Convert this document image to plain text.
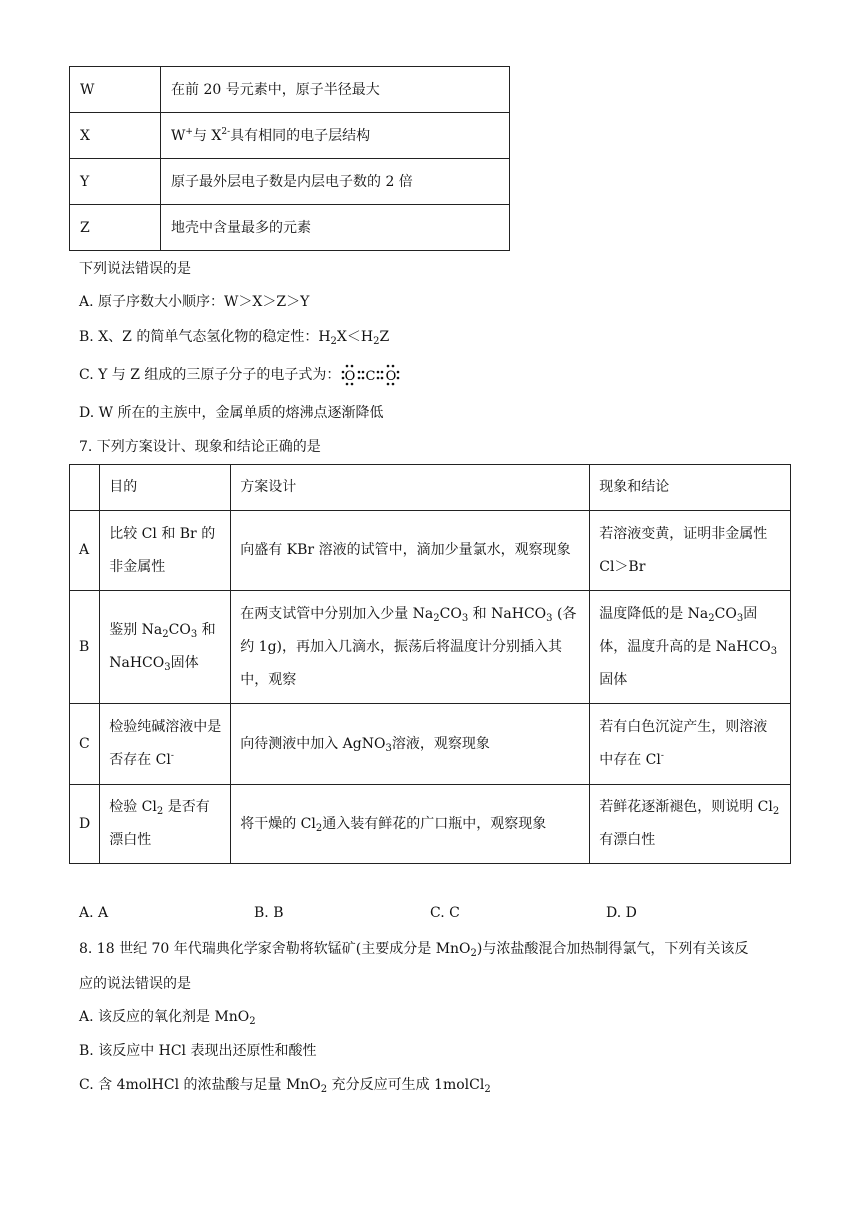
W	在前 20 号元素中，原子半径最大
X	W+与 $X^{2-}$具有相同的电子层结构
Y	原子最外层电子数是内层电子数的 2 倍
Z	地壳中含量最多的元素
下列说法错误的是
A. 原子序数大小顺序：W＞X＞Z＞Y
B. X、Z 的简单气态氢化物的稳定性：$H_2X<H_2Z$
C. Y 与 Z 组成的三原子分子的电子式为： O C O
D. W 所在的主族中，金属单质的熔沸点逐渐降低
7. 下列方案设计、现象和结论正确的是
	目的	方案设计	现象和结论
A	比较 Cl 和 Br 的非金属性	向盛有 KBr 溶液的试管中，滴加少量氯水，观察现象	若溶液变黄，证明非金属性 Cl＞Br
B	鉴别 $Na_2CO_3$ 和 NaHCO$_3$固体	在两支试管中分别加入少量 $Na_2CO_3$ 和 NaHCO$_3$ (各约 1g)，再加入几滴水，振荡后将温度计分别插入其中，观察	温度降低的是 $Na_2CO_3$固体，温度升高的是 NaHCO$_3$固体
C	检验纯碱溶液中是否存在 Cl-	向待测液中加入 AgNO$_3$溶液，观察现象	若有白色沉淀产生，则溶液中存在 Cl-
D	检验 $Cl_2$ 是否有漂白性	将干燥的 $Cl_2$通入装有鲜花的广口瓶中，观察现象	若鲜花逐渐褪色，则说明 $Cl_2$有漂白性
A. A	B. B	C. C	D. D
8. 18 世纪 70 年代瑞典化学家舍勒将软锰矿(主要成分是 MnO$_2$)与浓盐酸混合加热制得氯气，下列有关该反
应的说法错误的是
A. 该反应的氧化剂是 MnO$_2$
B. 该反应中 HCl 表现出还原性和酸性
C. 含 4molHCl 的浓盐酸与足量 MnO$_2$ 充分反应可生成 1molCl$_2$
